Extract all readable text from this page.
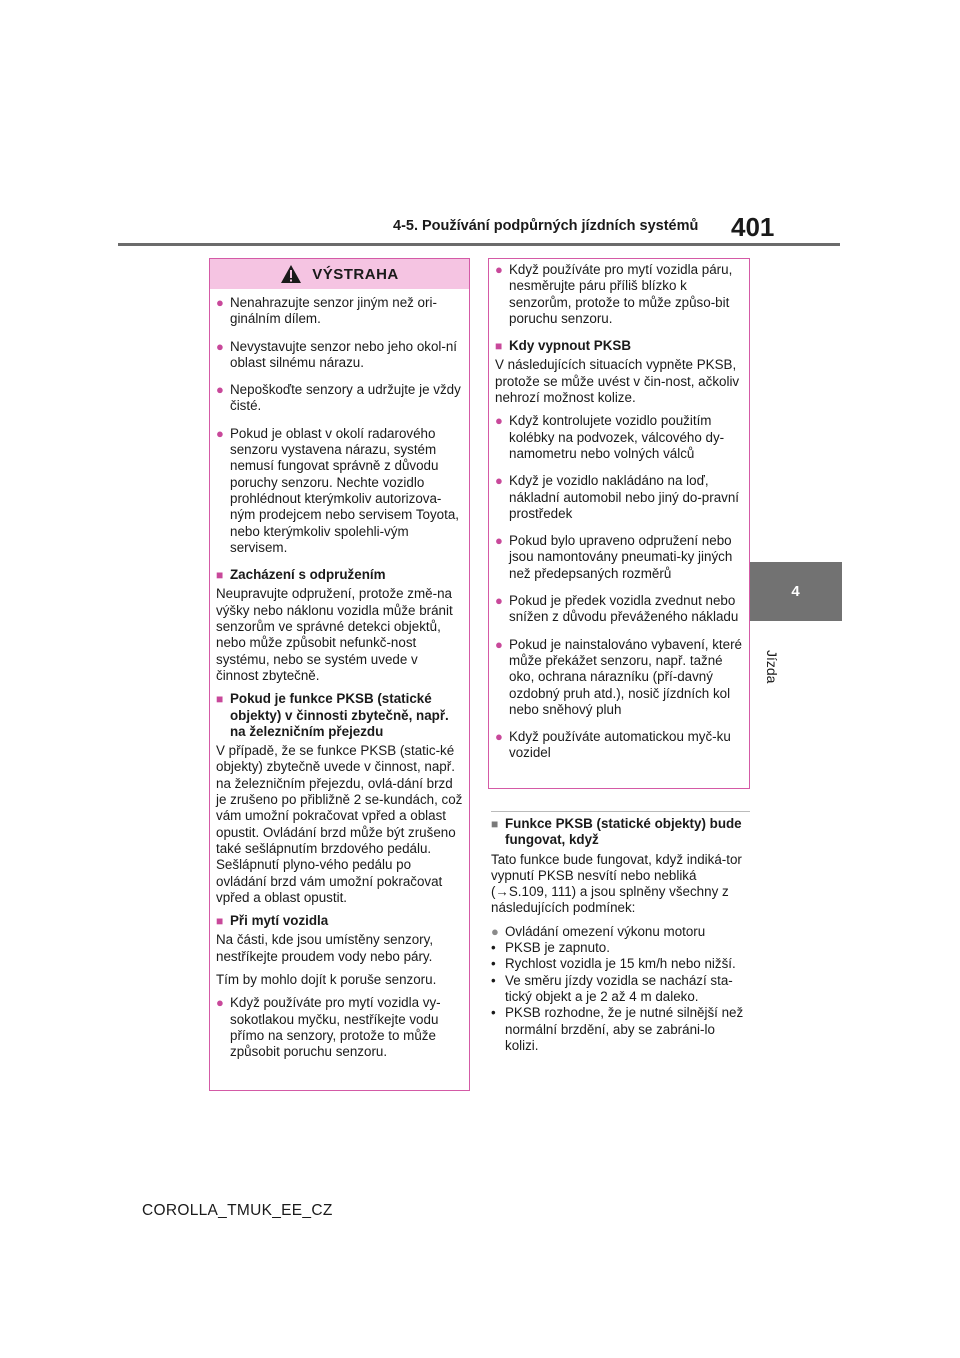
4-5. Používání podpůrných jízdních systémů 401
4
Jízda
VÝSTRAHA
● Nenahrazujte senzor jiným než ori-ginálním dílem.
● Nevystavujte senzor nebo jeho okol-ní oblast silnému nárazu.
● Nepoškoďte senzory a udržujte je vždy čisté.
● Pokud je oblast v okolí radarového senzoru vystavena nárazu, systém nemusí fungovat správně z důvodu poruchy senzoru. Nechte vozidlo prohlédnout kterýmkoliv autorizova-ným prodejcem nebo servisem Toyota, nebo kterýmkoliv spolehli-vým servisem.
■ Zacházení s odpružením
Neupravujte odpružení, protože změ-na výšky nebo náklonu vozidla může bránit senzorům ve správné detekci objektů, nebo může způsobit nefunkč-nost systému, nebo se systém uvede v činnost zbytečně.
■ Pokud je funkce PKSB (statické objekty) v činnosti zbytečně, např. na železničním přejezdu
V případě, že se funkce PKSB (static-ké objekty) zbytečně uvede v činnost, např. na železničním přejezdu, ovlá-dání brzd je zrušeno po přibližně 2 se-kundách, což vám umožní pokračovat vpřed a oblast opustit. Ovládání brzd může být zrušeno také sešlápnutím brzdového pedálu. Sešlápnutí plyno-vého pedálu po ovládání brzd vám umožní pokračovat vpřed a oblast opustit.
■ Při mytí vozidla
Na části, kde jsou umístěny senzory, nestříkejte proudem vody nebo páry.
Tím by mohlo dojít k poruše senzoru.
● Když používáte pro mytí vozidla vy-sokotlakou myčku, nestříkejte vodu přímo na senzory, protože to může způsobit poruchu senzoru.
● Když používáte pro mytí vozidla páru, nesměrujte páru příliš blízko k senzorům, protože to může způso-bit poruchu senzoru.
■ Kdy vypnout PKSB
V následujících situacích vypněte PKSB, protože se může uvést v čin-nost, ačkoliv nehrozí možnost kolize.
● Když kontrolujete vozidlo použitím kolébky na podvozek, válcového dy-namometru nebo volných válců
● Když je vozidlo nakládáno na loď, nákladní automobil nebo jiný do-pravní prostředek
● Pokud bylo upraveno odpružení nebo jsou namontovány pneumati-ky jiných než předepsaných rozměrů
● Pokud je předek vozidla zvednut nebo snížen z důvodu převáženého nákladu
● Pokud je nainstalováno vybavení, které může překážet senzoru, např. tažné oko, ochrana nárazníku (pří-davný ozdobný pruh atd.), nosič jízdních kol nebo sněhový pluh
● Když používáte automatickou myč-ku vozidel
■ Funkce PKSB (statické objekty) bude fungovat, když
Tato funkce bude fungovat, když indiká-tor vypnutí PKSB nesvítí nebo nebliká (→S.109, 111) a jsou splněny všechny z následujících podmínek:
● Ovládání omezení výkonu motoru
• PKSB je zapnuto.
• Rychlost vozidla je 15 km/h nebo nižší.
• Ve směru jízdy vozidla se nachází sta-tický objekt a je 2 až 4 m daleko.
• PKSB rozhodne, že je nutné silnější než normální brzdění, aby se zabráni-lo kolizi.
COROLLA_TMUK_EE_CZ
